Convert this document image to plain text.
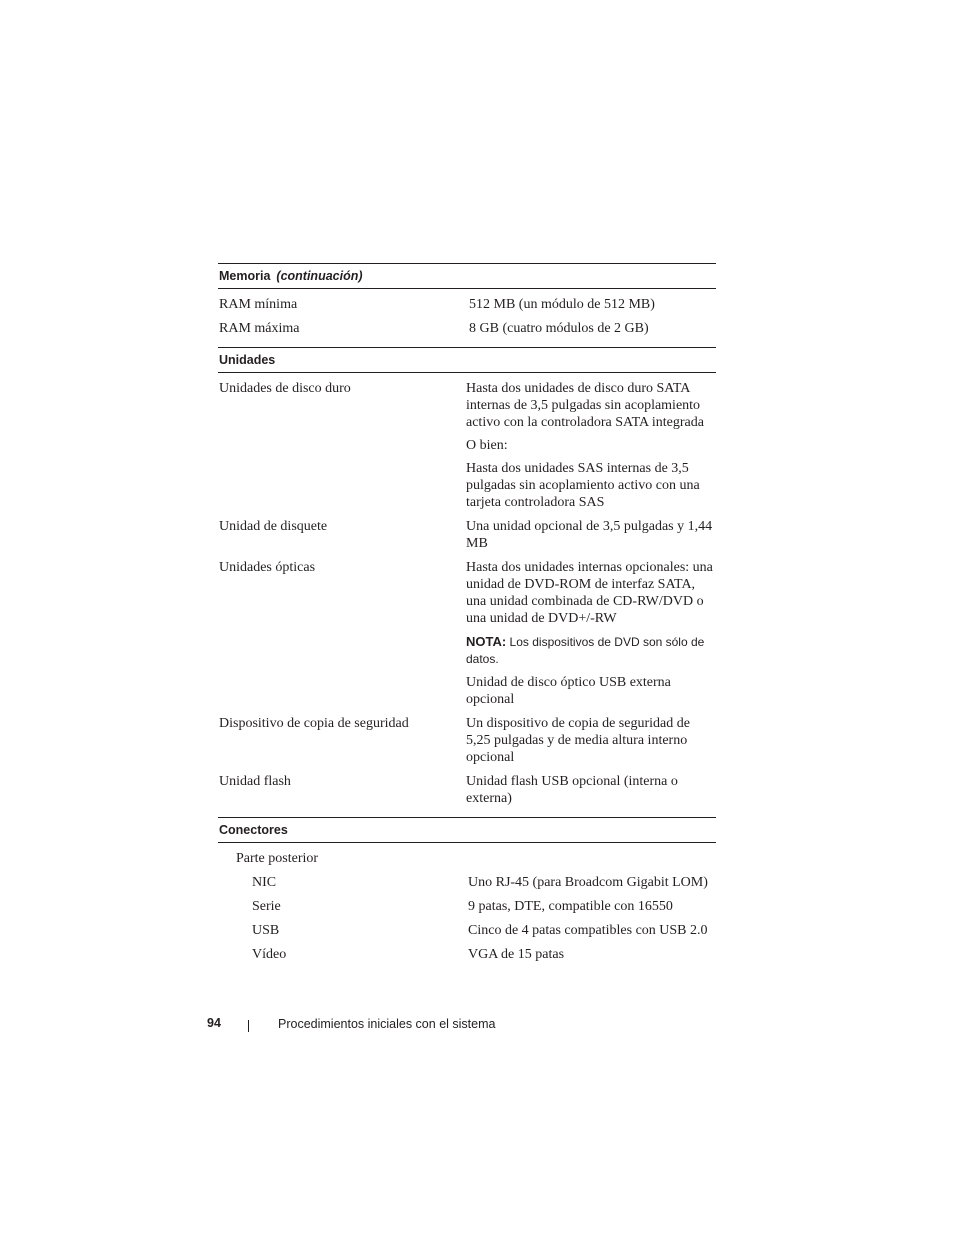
Memoria (continuación)
RAM mínima	512 MB (un módulo de 512 MB)
RAM máxima	8 GB (cuatro módulos de 2 GB)
Unidades
Unidades de disco duro	Hasta dos unidades de disco duro SATA internas de 3,5 pulgadas sin acoplamiento activo con la controladora SATA integrada

O bien:

Hasta dos unidades SAS internas de 3,5 pulgadas sin acoplamiento activo con una tarjeta controladora SAS

Unidad de disquete	Una unidad opcional de 3,5 pulgadas y 1,44 MB

Unidades ópticas	Hasta dos unidades internas opcionales: una unidad de DVD-ROM de interfaz SATA, una unidad combinada de CD-RW/DVD o una unidad de DVD+/-RW

NOTA: Los dispositivos de DVD son sólo de datos.

Unidad de disco óptico USB externa opcional

Dispositivo de copia de seguridad	Un dispositivo de copia de seguridad de 5,25 pulgadas y de media altura interno opcional

Unidad flash	Unidad flash USB opcional (interna o externa)

Conectores
Parte posterior
NIC	Uno RJ-45 (para Broadcom Gigabit LOM)
Serie	9 patas, DTE, compatible con 16550
USB	Cinco de 4 patas compatibles con USB 2.0
Vídeo	VGA de 15 patas
94	Procedimientos iniciales con el sistema
